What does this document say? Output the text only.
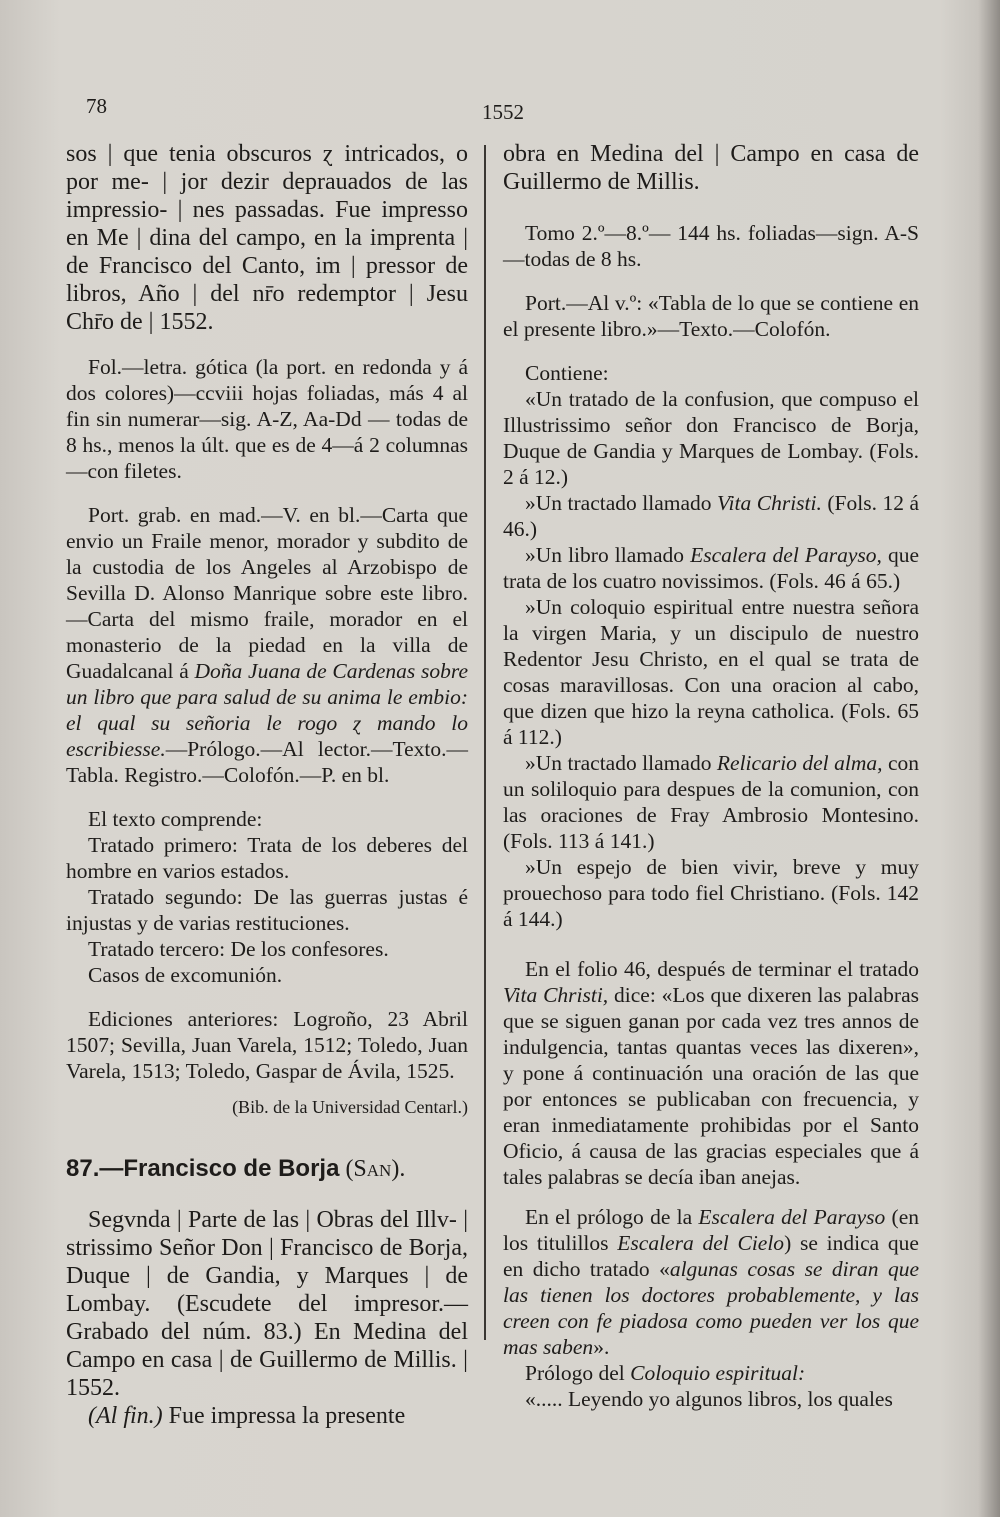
78	1552

sos | que tenia obscuros ɀ intricados, o por me- | jor dezir deprauados de las impressio- | nes passadas. Fue impresso en Me | dina del campo, en la imprenta | de Francisco del Canto, im | pressor de libros, Año | del nr̄o redemptor | Jesu Chr̄o de | 1552.

Fol.—letra. gótica (la port. en redonda y á dos colores)—ccviii hojas foliadas, más 4 al fin sin numerar—sig. A-Z, Aa-Dd — todas de 8 hs., menos la últ. que es de 4—á 2 columnas—con filetes.

Port. grab. en mad.—V. en bl.—Carta que envio un Fraile menor, morador y subdito de la custodia de los Angeles al Arzobispo de Sevilla D. Alonso Manrique sobre este libro. —Carta del mismo fraile, morador en el monasterio de la piedad en la villa de Guadalcanal á Doña Juana de Cardenas sobre un libro que para salud de su anima le embio: el qual su señoria le rogo ɀ mando lo escribiesse.—Prólogo.—Al lector.—Texto.—Tabla. Registro.—Colofón.—P. en bl.

El texto comprende:

Tratado primero: Trata de los deberes del hombre en varios estados.

Tratado segundo: De las guerras justas é injustas y de varias restituciones.

Tratado tercero: De los confesores.

Casos de excomunión.

Ediciones anteriores: Logroño, 23 Abril 1507; Sevilla, Juan Varela, 1512; Toledo, Juan Varela, 1513; Toledo, Gaspar de Ávila, 1525.

(Bib. de la Universidad Centarl.)

87.—Francisco de Borja (San).

Segvnda | Parte de las | Obras del Illv- | strissimo Señor Don | Francisco de Borja, Duque | de Gandia, y Marques | de Lombay. (Escudete del impresor.—Grabado del núm. 83.) En Medina del Campo en casa | de Guillermo de Millis. | 1552.

(Al fin.) Fue impressa la presente

obra en Medina del | Campo en casa de Guillermo de Millis.

Tomo 2.º—8.º— 144 hs. foliadas—sign. A-S —todas de 8 hs.

Port.—Al v.º: «Tabla de lo que se contiene en el presente libro.»—Texto.—Colofón.

Contiene:

«Un tratado de la confusion, que compuso el Illustrissimo señor don Francisco de Borja, Duque de Gandia y Marques de Lombay. (Fols. 2 á 12.)

»Un tractado llamado Vita Christi. (Fols. 12 á 46.)

»Un libro llamado Escalera del Parayso, que trata de los cuatro novissimos. (Fols. 46 á 65.)

»Un coloquio espiritual entre nuestra señora la virgen Maria, y un discipulo de nuestro Redentor Jesu Christo, en el qual se trata de cosas maravillosas. Con una oracion al cabo, que dizen que hizo la reyna catholica. (Fols. 65 á 112.)

»Un tractado llamado Relicario del alma, con un soliloquio para despues de la comunion, con las oraciones de Fray Ambrosio Montesino. (Fols. 113 á 141.)

»Un espejo de bien vivir, breve y muy prouechoso para todo fiel Christiano. (Fols. 142 á 144.)

En el folio 46, después de terminar el tratado Vita Christi, dice: «Los que dixeren las palabras que se siguen ganan por cada vez tres annos de indulgencia, tantas quantas veces las dixeren», y pone á continuación una oración de las que por entonces se publicaban con frecuencia, y eran inmediatamente prohibidas por el Santo Oficio, á causa de las gracias especiales que á tales palabras se decía iban anejas.

En el prólogo de la Escalera del Parayso (en los titulillos Escalera del Cielo) se indica que en dicho tratado «algunas cosas se diran que las tienen los doctores probablemente, y las creen con fe piadosa como pueden ver los que mas saben».

Prólogo del Coloquio espiritual:

«..... Leyendo yo algunos libros, los quales
